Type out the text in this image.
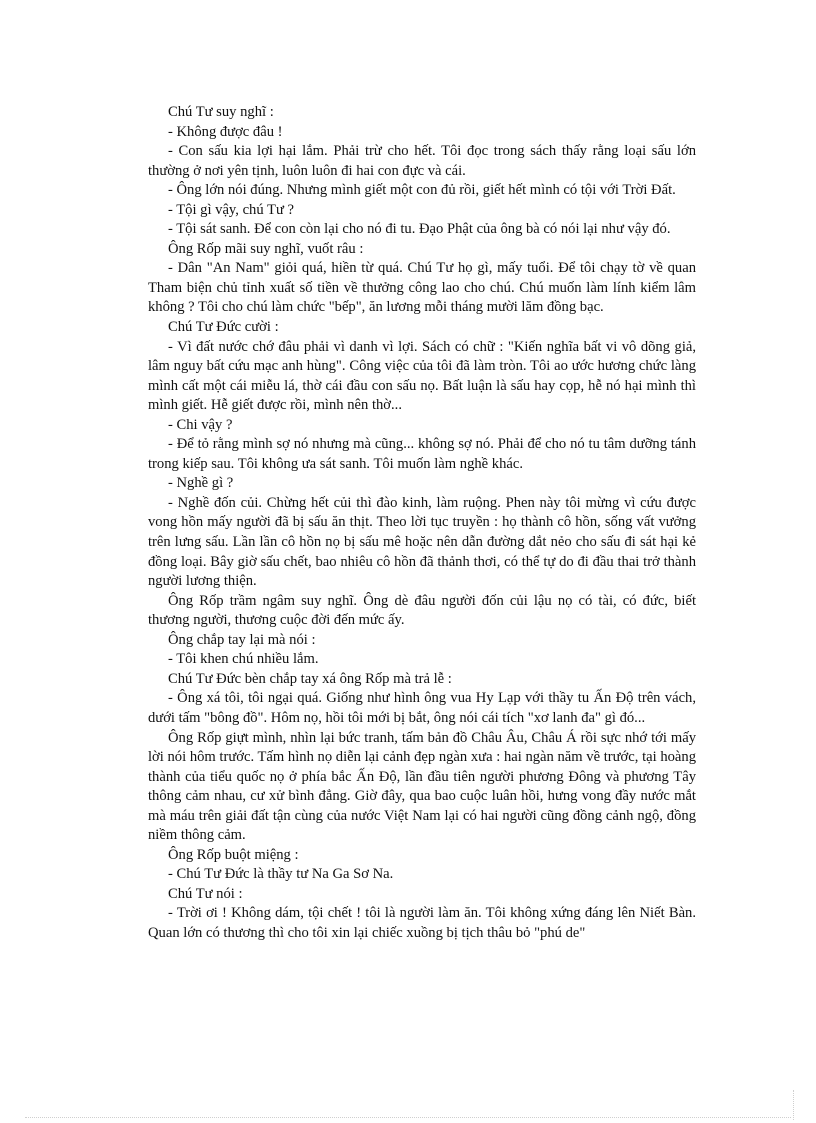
Chú Tư suy nghĩ :

- Không được đâu !

- Con sấu kia lợi hại lắm. Phải trừ cho hết. Tôi đọc trong sách thấy rằng loại sấu lớn thường ở nơi yên tịnh, luôn luôn đi hai con đực và cái.

- Ông lớn nói đúng. Nhưng mình giết một con đủ rồi, giết hết mình có tội với Trời Đất.

- Tội gì vậy, chú Tư ?

- Tội sát sanh. Để con còn lại cho nó đi tu. Đạo Phật của ông bà có nói lại như vậy đó.

Ông Rốp mãi suy nghĩ, vuốt râu :

- Dân "An Nam" giỏi quá, hiền từ quá. Chú Tư họ gì, mấy tuổi. Để tôi chạy tờ về quan Tham biện chủ tỉnh xuất số tiền về thưởng công lao cho chú. Chú muốn làm lính kiểm lâm không ? Tôi cho chú làm chức "bếp", ăn lương mỗi tháng mười lăm đồng bạc.

Chú Tư Đức cười :

- Vì đất nước chớ đâu phải vì danh vì lợi. Sách có chữ : "Kiến nghĩa bất vi vô dõng giả, lâm nguy bất cứu mạc anh hùng". Công việc của tôi đã làm tròn. Tôi ao ước hương chức làng mình cất một cái miễu lá, thờ cái đầu con sấu nọ. Bất luận là sấu hay cọp, hễ nó hại mình thì mình giết. Hễ giết được rồi, mình nên thờ...

- Chi vậy ?

- Để tỏ rằng mình sợ nó nhưng mà cũng... không sợ nó. Phải để cho nó tu tâm dưỡng tánh trong kiếp sau. Tôi không ưa sát sanh. Tôi muốn làm nghề khác.

- Nghề gì ?

- Nghề đốn củi. Chừng hết củi thì đào kinh, làm ruộng. Phen này tôi mừng vì cứu được vong hồn mấy người đã bị sấu ăn thịt. Theo lời tục truyền : họ thành cô hồn, sống vất vưởng trên lưng sấu. Lần lần cô hồn nọ bị sấu mê hoặc nên dẫn đường dắt nẻo cho sấu đi sát hại kẻ đồng loại. Bây giờ sấu chết, bao nhiêu cô hồn đã thảnh thơi, có thể tự do đi đầu thai trở thành người lương thiện.

Ông Rốp trầm ngâm suy nghĩ. Ông dè đâu người đốn củi lậu nọ có tài, có đức, biết thương người, thương cuộc đời đến mức ấy.

Ông chắp tay lại mà nói :

- Tôi khen chú nhiều lắm.

Chú Tư Đức bèn chắp tay xá ông Rốp mà trả lễ :

- Ông xá tôi, tôi ngại quá. Giống như hình ông vua Hy Lạp với thầy tu Ấn Độ trên vách, dưới tấm "bông đồ". Hôm nọ, hồi tôi mới bị bắt, ông nói cái tích "xơ lanh đa" gì đó...

Ông Rốp giựt mình, nhìn lại bức tranh, tấm bản đồ Châu Âu, Châu Á rồi sực nhớ tới mấy lời nói hôm trước. Tấm hình nọ diễn lại cảnh đẹp ngàn xưa : hai ngàn năm về trước, tại hoàng thành của tiểu quốc nọ ở phía bắc Ấn Độ, lần đầu tiên người phương Đông và phương Tây thông cảm nhau, cư xử bình đẳng. Giờ đây, qua bao cuộc luân hồi, hưng vong đầy nước mắt mà máu trên giải đất tận cùng của nước Việt Nam lại có hai người cũng đồng cảnh ngộ, đồng niềm thông cảm.

Ông Rốp buột miệng :

- Chú Tư Đức là thầy tư Na Ga Sơ Na.

Chú Tư nói :

- Trời ơi ! Không dám, tội chết ! tôi là người làm ăn. Tôi không xứng đáng lên Niết Bàn. Quan lớn có thương thì cho tôi xin lại chiếc xuồng bị tịch thâu bỏ "phú de"
